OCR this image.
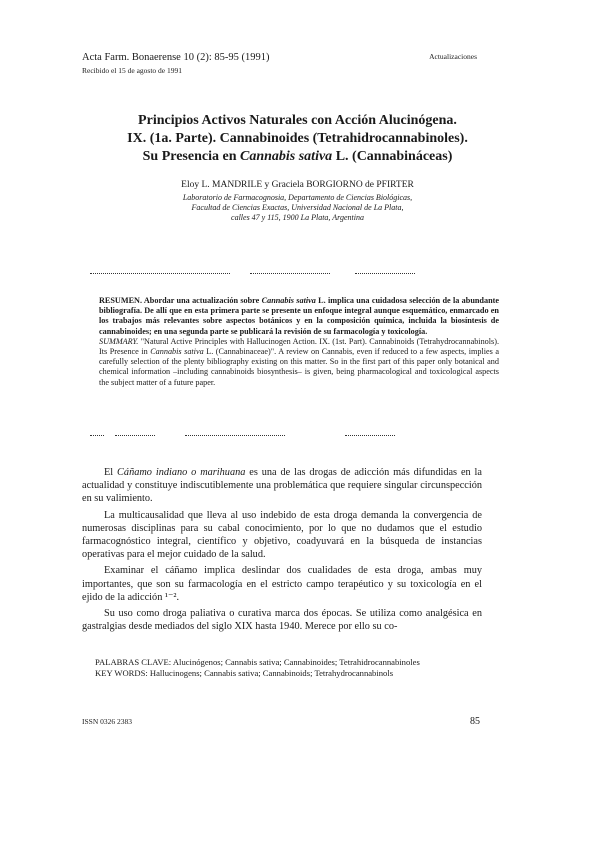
Acta Farm. Bonaerense 10 (2): 85-95 (1991)
Recibido el 15 de agosto de 1991
Actualizaciones
Principios Activos Naturales con Acción Alucinógena.
IX. (1a. Parte). Cannabinoides (Tetrahidrocannabinoles).
Su Presencia en Cannabis sativa L. (Cannabináceas)
Eloy L. MANDRILE y Graciela BORGIORNO de PFIRTER
Laboratorio de Farmacognosia, Departamento de Ciencias Biológicas,
Facultad de Ciencias Exactas, Universidad Nacional de La Plata,
calles 47 y 115, 1900 La Plata, Argentina

RESUMEN. Abordar una actualización sobre Cannabis sativa L. implica una cuidadosa selección de la abundante bibliografía. De allí que en esta primera parte se presente un enfoque integral aunque esquemático, enmarcado en los trabajos más relevantes sobre aspectos botánicos y en la composición química, incluida la biosíntesis de cannabinoides; en una segunda parte se publicará la revisión de su farmacología y toxicología.

SUMMARY. "Natural Active Principles with Hallucinogen Action. IX. (1st. Part). Cannabinoids (Tetrahydrocannabinols). Its Presence in Cannabis sativa L. (Cannabinaceae)". A review on Cannabis, even if reduced to a few aspects, implies a carefully selection of the plenty bibliography existing on this matter. So in the first part of this paper only botanical and chemical information –including cannabinoids biosynthesis– is given, being pharmacological and toxicological aspects the subject matter of a future paper.

El Cáñamo indiano o marihuana es una de las drogas de adicción más difundidas en la actualidad y constituye indiscutiblemente una problemática que requiere singular circunspección en su valimiento.

La multicausalidad que lleva al uso indebido de esta droga demanda la convergencia de numerosas disciplinas para su cabal conocimiento, por lo que no dudamos que el estudio farmacognóstico integral, científico y objetivo, coadyuvará en la búsqueda de instancias operativas para el mejor cuidado de la salud.

Examinar el cáñamo implica deslindar dos cualidades de esta droga, ambas muy importantes, que son su farmacología en el estricto campo terapéutico y su toxicología en el ejido de la adicción ¹⁻².

Su uso como droga paliativa o curativa marca dos épocas. Se utiliza como analgésica en gastralgias desde mediados del siglo XIX hasta 1940. Merece por ello su co-

PALABRAS CLAVE: Alucinógenos; Cannabis sativa; Cannabinoides; Tetrahidrocannabinoles
KEY WORDS: Hallucinogens; Cannabis sativa; Cannabinoids; Tetrahydrocannabinols
ISSN 0326 2383	85
